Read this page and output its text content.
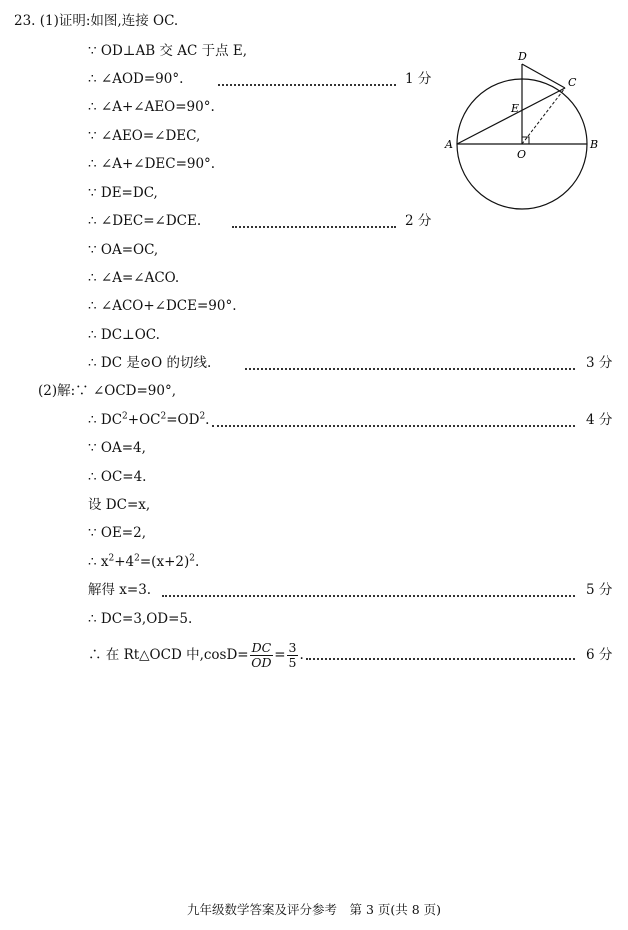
23. (1)证明:如图,连接 OC.
∵ OD⊥AB 交 AC 于点 E,
∴ ∠AOD=90°.	1 分
∴ ∠A+∠AEO=90°.
∵ ∠AEO=∠DEC,
∴ ∠A+∠DEC=90°.
∵ DE=DC,
∴ ∠DEC=∠DCE.	2 分
∵ OA=OC,
∴ ∠A=∠ACO.
∴ ∠ACO+∠DCE=90°.
∴ DC⊥OC.
∴ DC 是⊙O 的切线.	3 分
(2)解:∵ ∠OCD=90°,
∴ $DC^2+OC^2=OD^2$.	4 分
∵ OA=4,
∴ OC=4.
设 DC=x,
∵ OE=2,
∴ $x^2+4^2=(x+2)^2$.
解得 x=3.	5 分
∴ DC=3,OD=5.
∴ 在 Rt△OCD 中$,\cos D= \frac{DC}{OD} = \frac{3}{5}$ .	6 分
D
C
E
A
O
B
九年级数学答案及评分参考　第 3 页(共 8 页)
